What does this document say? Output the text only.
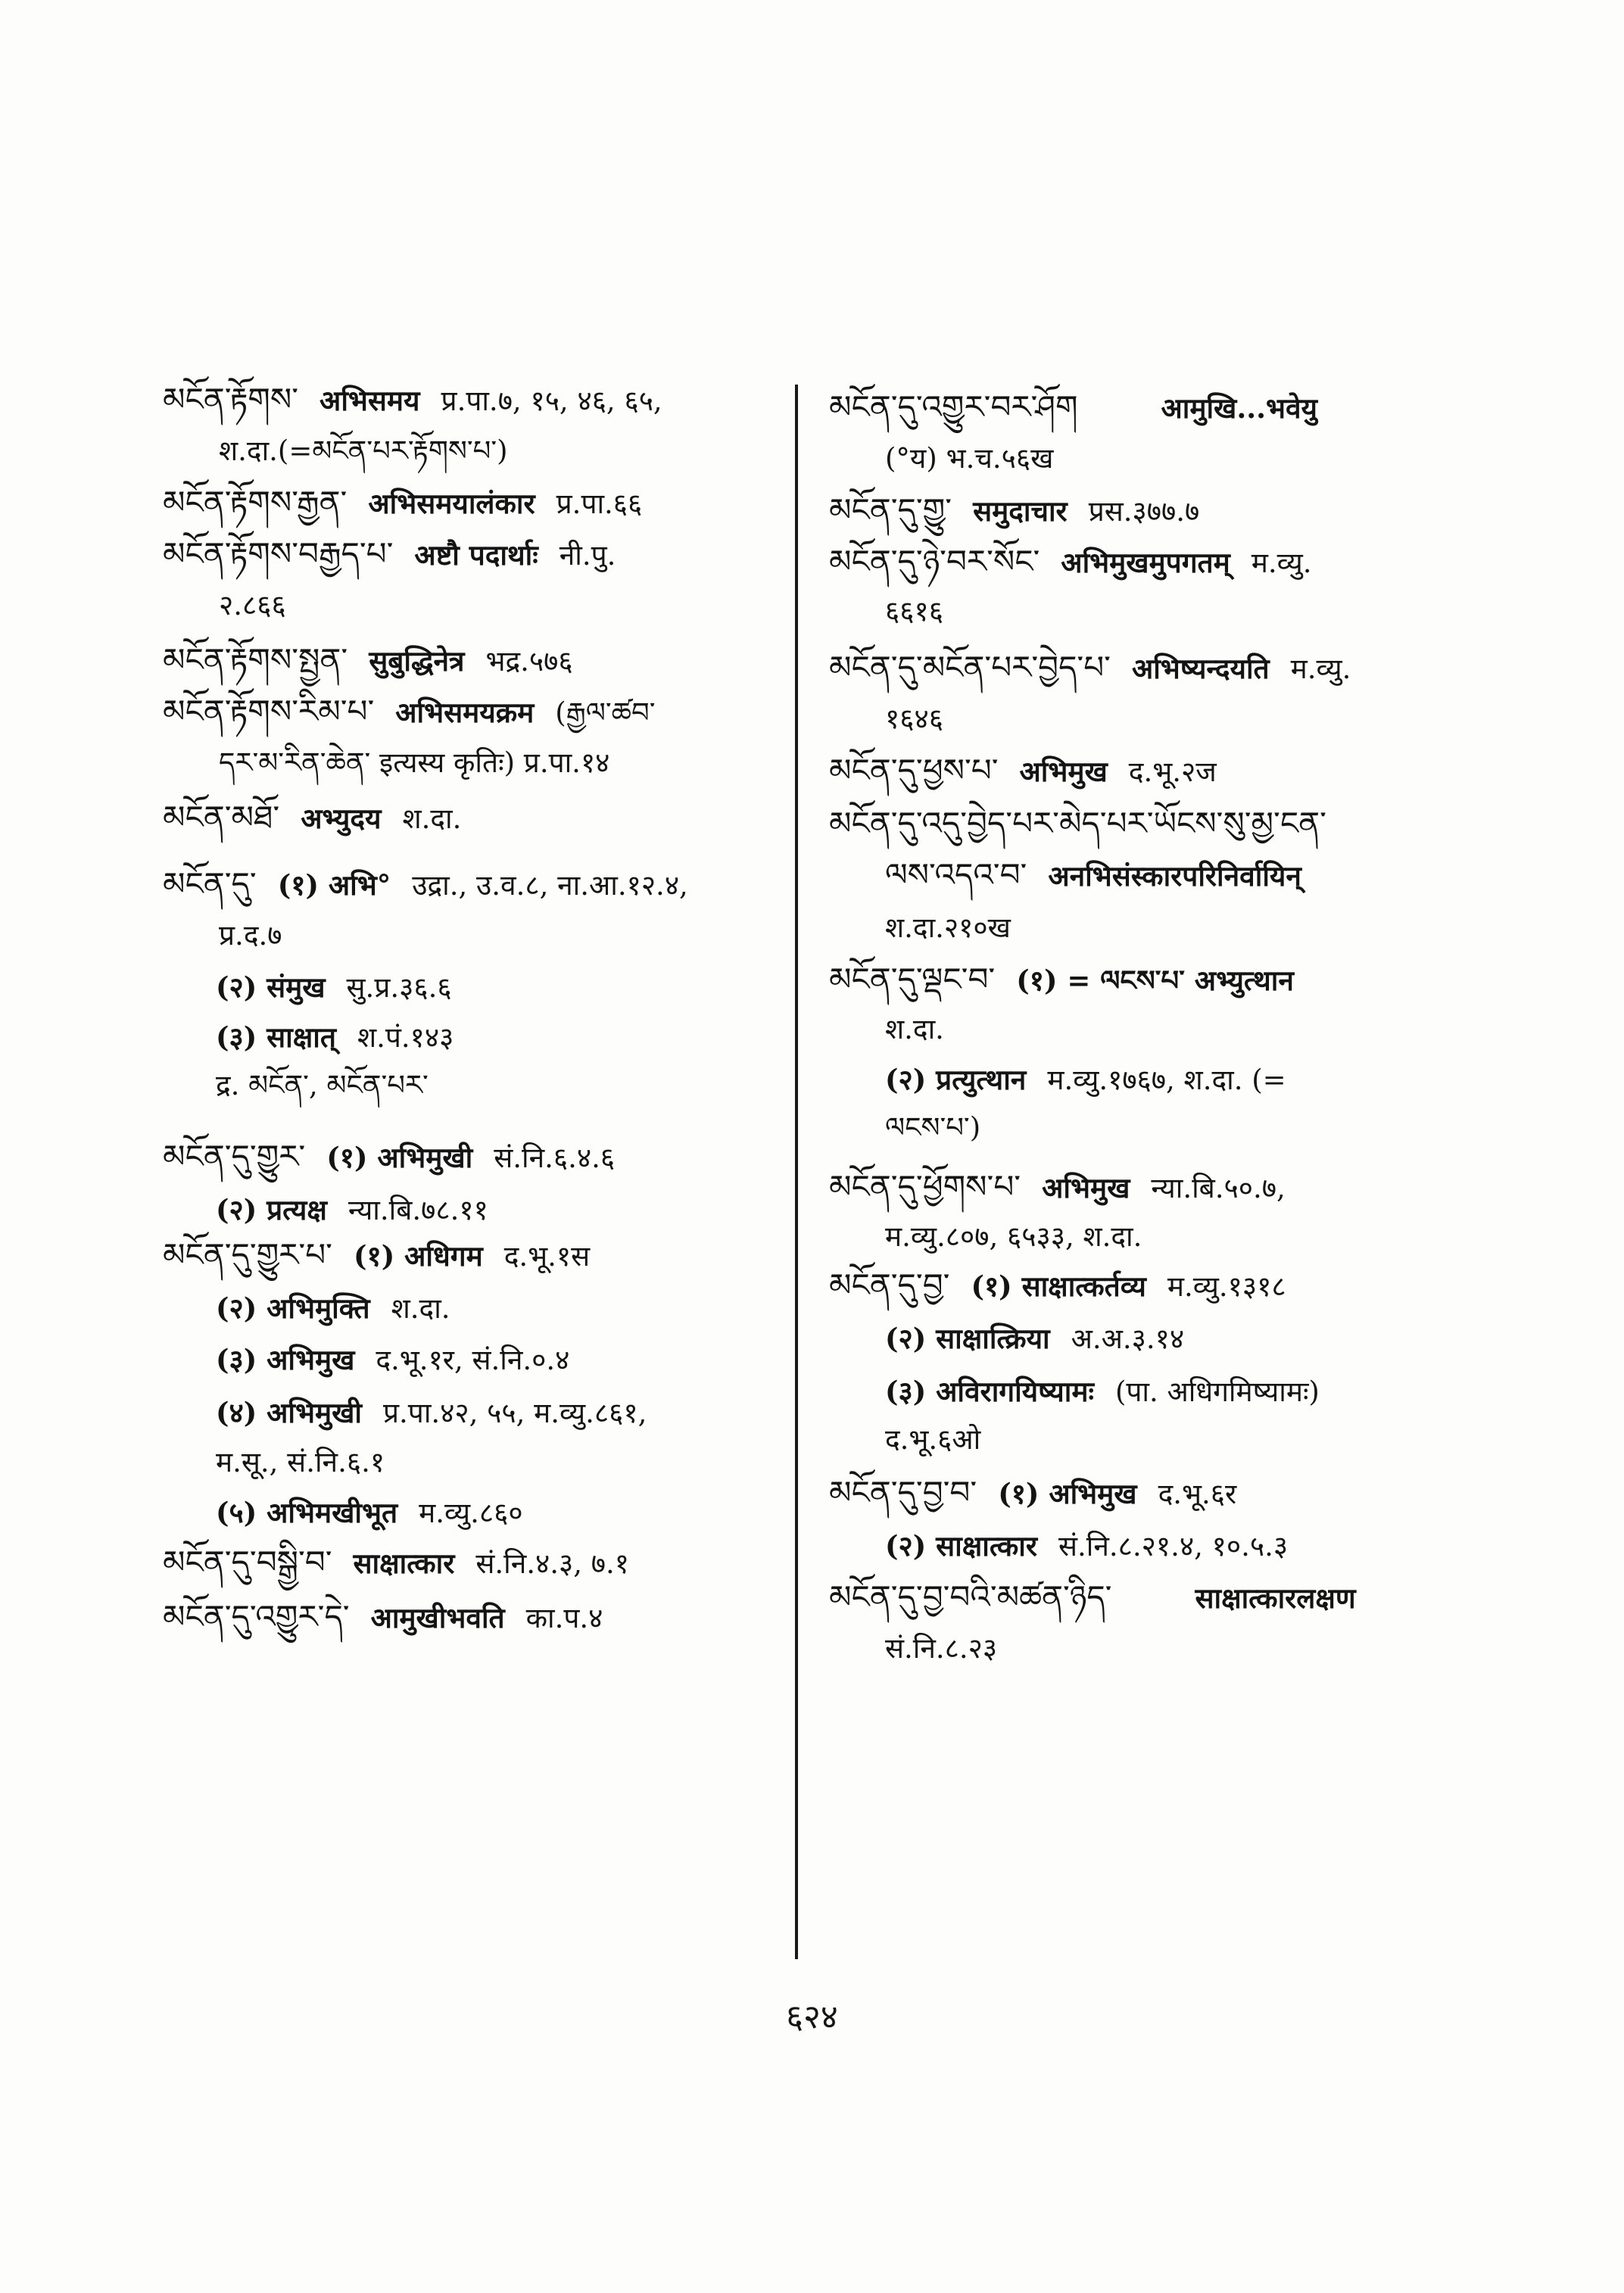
མངོན་རྟོགས་ अभिसमय प्र.पा.७, १५, ४६, ६५,
श.दा.(=མངོན་པར་རྟོགས་པ་)
མངོན་རྟོགས་རྒྱན་ अभिसमयालंकार प्र.पा.६६
མངོན་རྟོགས་བརྒྱད་པ་ अष्टौ पदार्थाः नी.पु.
२.८६६
མངོན་རྟོགས་སྤྱན་ सुबुद्धिनेत्र भद्र.५७६
མངོན་རྟོགས་རིམ་པ་ अभिसमयक्रम (རྒྱལ་ཚབ་
དར་མ་རིན་ཆེན་ इत्यस्य कृतिः) प्र.पा.१४
མངོན་མཐོ་ अभ्युदय श.दा.
མངོན་དུ་ (१) अभि° उद्रा., उ.व.८, ना.आ.१२.४,
प्र.द.७
(२) संमुख सु.प्र.३६.६
(३) साक्षात् श.पं.१४३
द्र. མངོན་, མངོན་པར་
མངོན་དུ་གྱུར་ (१) अभिमुखी सं.नि.६.४.६
(२) प्रत्यक्ष न्या.बि.७८.११
མངོན་དུ་གྱུར་པ་ (१) अधिगम द.भू.१स
(२) अभिमुक्ति श.दा.
(३) अभिमुख द.भू.१र, सं.नि.०.४
(४) अभिमुखी प्र.पा.४२, ५५, म.व्यु.८६१,
म.सू., सं.नि.६.१
(५) अभिमखीभूत म.व्यु.८६०
མངོན་དུ་བསྒྱི་བ་ साक्षात्कार सं.नि.४.३, ७.१
མངོན་དུ་འགྱུར་དེ་ आमुखीभवति का.प.४
མངོན་དུ་འགྱུར་བར་ཤོག	आमुखि...भवेयु
(°य) भ.च.५६ख
མངོན་དུ་གྱུ་ समुदाचार प्रस.३७७.७
མངོན་དུ་ཉེ་བར་སོང་ अभिमुखमुपगतम् म.व्यु.
६६१६
མངོན་དུ་མངོན་པར་བྱེད་པ་ अभिष्यन्दयति म.व्यु.
१६४६
མངོན་དུ་ཕྱས་པ་ अभिमुख द.भू.२ज
མངོན་དུ་འདུ་བྱེད་པར་མེད་པར་ཡོངས་སུ་མྱ་ངན་
ལས་འདའ་བ་ अनभिसंस्कारपरिनिर्वायिन्
श.दा.२१०ख
མངོན་དུ་ལྡང་བ་ (१) = ལངས་པ་ अभ्युत्थान
श.दा.
(२) प्रत्युत्थान म.व्यु.१७६७, श.दा. (=
ལངས་པ་)
མངོན་དུ་ཕྱོགས་པ་ अभिमुख न्या.बि.५०.७,
म.व्यु.८०७, ६५३३, श.दा.
མངོན་དུ་བྱ་ (१) साक्षात्कर्तव्य म.व्यु.१३१८
(२) साक्षात्क्रिया अ.अ.३.१४
(३) अविरागयिष्यामः (पा. अधिगमिष्यामः)
द.भू.६ओ
མངོན་དུ་བྱ་བ་ (१) अभिमुख द.भू.६र
(२) साक्षात्कार सं.नि.८.२१.४, १०.५.३
མངོན་དུ་བྱ་བའི་མཚན་ཉིད་	साक्षात्कारलक्षण
सं.नि.८.२३
६२४
